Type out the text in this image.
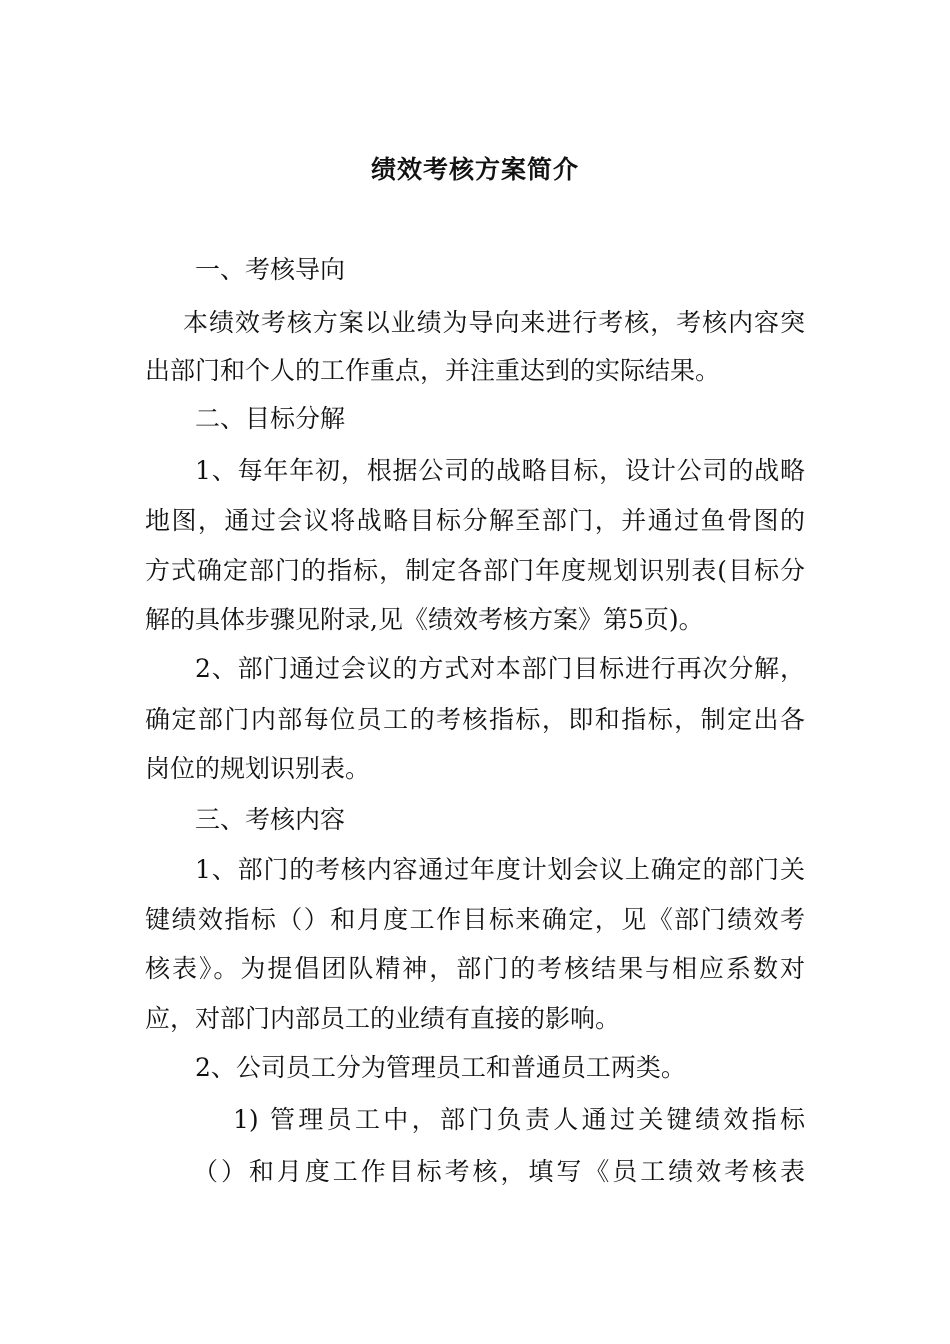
绩效考核方案简介
一、考核导向
本绩效考核方案以业绩为导向来进行考核，考核内容突
出部门和个人的工作重点，并注重达到的实际结果。
二、目标分解
1、每年年初，根据公司的战略目标，设计公司的战略
地图，通过会议将战略目标分解至部门，并通过鱼骨图的
方式确定部门的指标，制定各部门年度规划识别表(目标分
解的具体步骤见附录,见《绩效考核方案》第5页)。
2、部门通过会议的方式对本部门目标进行再次分解，
确定部门内部每位员工的考核指标，即和指标，制定出各
岗位的规划识别表。
三、考核内容
1、部门的考核内容通过年度计划会议上确定的部门关
键绩效指标（）和月度工作目标来确定，见《部门绩效考
核表》。为提倡团队精神，部门的考核结果与相应系数对
应，对部门内部员工的业绩有直接的影响。
2、公司员工分为管理员工和普通员工两类。
1) 管理员工中，部门负责人通过关键绩效指标
（）和月度工作目标考核，填写《员工绩效考核表
